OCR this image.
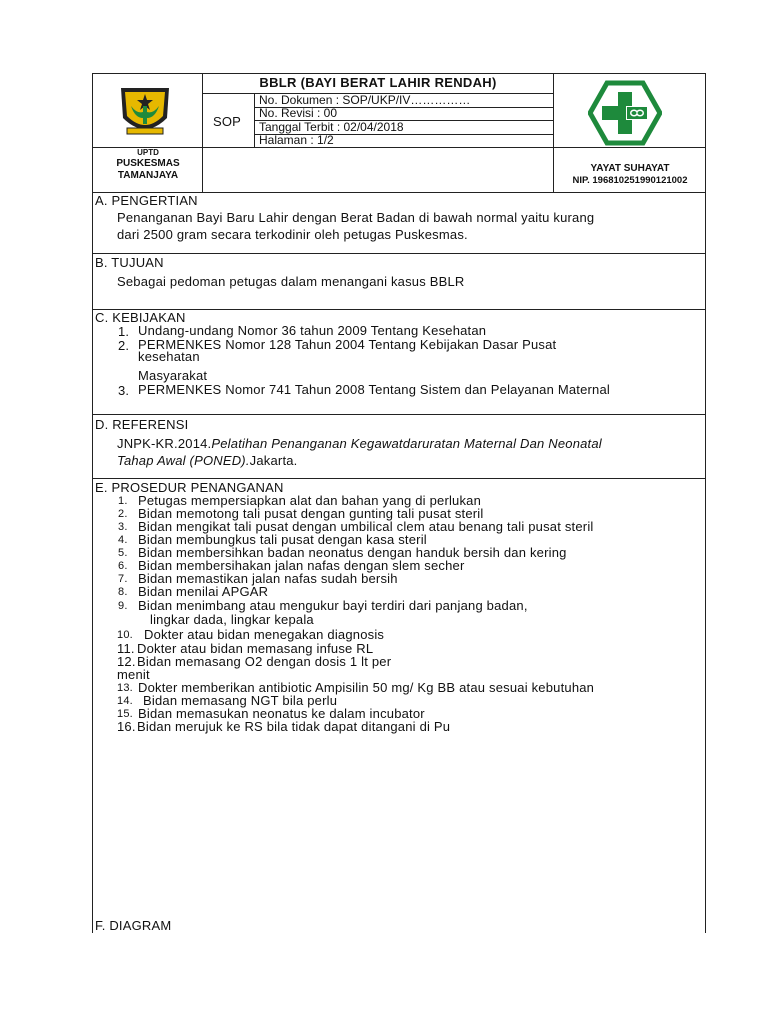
UPTD
PUSKESMAS
TAMANJAYA
BBLR (BAYI BERAT LAHIR RENDAH)
SOP
No. Dokumen : SOP/UKP/IV……………
No. Revisi : 00
Tanggal Terbit : 02/04/2018
Halaman : 1/2
YAYAT SUHAYAT
NIP. 196810251990121002
A. PENGERTIAN
Penanganan Bayi Baru Lahir dengan Berat Badan di bawah normal yaitu kurang
dari 2500 gram secara terkodinir oleh petugas Puskesmas.
B. TUJUAN
Sebagai pedoman petugas dalam menangani kasus BBLR
C. KEBIJAKAN
1. Undang-undang Nomor 36 tahun 2009 Tentang Kesehatan
2. PERMENKES Nomor 128 Tahun 2004 Tentang Kebijakan Dasar Pusat
kesehatan
Masyarakat
3. PERMENKES Nomor 741 Tahun 2008 Tentang Sistem dan Pelayanan Maternal
D. REFERENSI
JNPK-KR.2014.Pelatihan Penanganan Kegawatdaruratan Maternal Dan Neonatal
Tahap Awal (PONED).Jakarta.
E. PROSEDUR PENANGANAN
1. Petugas mempersiapkan alat dan bahan yang di perlukan
2. Bidan memotong tali pusat dengan gunting tali pusat steril
3. Bidan mengikat tali pusat dengan umbilical clem atau benang tali pusat steril
4. Bidan membungkus tali pusat dengan kasa steril
5. Bidan membersihkan badan neonatus dengan handuk bersih dan kering
6. Bidan membersihakan jalan nafas dengan slem secher
7. Bidan memastikan jalan nafas sudah bersih
8. Bidan menilai APGAR
9. Bidan menimbang atau mengukur bayi terdiri dari panjang badan,
lingkar dada, lingkar kepala
10. Dokter atau bidan menegakan diagnosis
11. Dokter atau bidan memasang infuse RL
12. Bidan memasang O2 dengan dosis 1 lt per
menit
13. Dokter memberikan antibiotic Ampisilin 50 mg/ Kg BB atau sesuai kebutuhan
14. Bidan memasang NGT bila perlu
15. Bidan memasukan neonatus ke dalam incubator
16. Bidan merujuk ke RS bila tidak dapat ditangani di Pu
F. DIAGRAM
